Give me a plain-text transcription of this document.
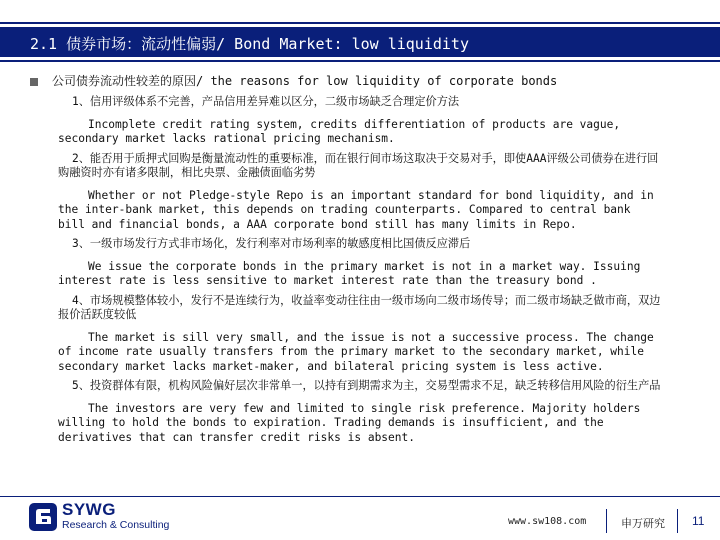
2.1 债券市场：流动性偏弱/ Bond Market: low liquidity
公司债券流动性较差的原因/ the reasons for low liquidity of corporate bonds

1、信用评级体系不完善，产品信用差异难以区分，二级市场缺乏合理定价方法

Incomplete credit rating system, credits differentiation of products are vague, secondary market lacks rational pricing mechanism.

2、能否用于质押式回购是衡量流动性的重要标准，而在银行间市场这取决于交易对手，即使AAA评级公司债券在进行回购融资时亦有诸多限制，相比央票、金融债面临劣势

Whether or not Pledge-style Repo is an important standard for bond liquidity, and in the inter-bank market, this depends on trading counterparts. Compared to central bank bill and financial bonds, a AAA corporate bond still has many limits in Repo.

3、一级市场发行方式非市场化，发行利率对市场利率的敏感度相比国债反应滞后

We issue the corporate bonds in the primary market is not in a market way. Issuing interest rate is less sensitive to market interest rate than the treasury bond .

4、市场规模整体较小，发行不是连续行为，收益率变动往往由一级市场向二级市场传导；而二级市场缺乏做市商，双边报价活跃度较低

The market is sill very small, and the issue is not a successive process. The change of income rate usually transfers from the primary market to the secondary market, while secondary market lacks market-maker, and bilateral pricing system is less active.

5、投资群体有限，机构风险偏好层次非常单一，以持有到期需求为主，交易型需求不足，缺乏转移信用风险的衍生产品

The investors are very few and limited to single risk preference. Majority holders willing to hold the bonds to expiration. Trading demands is insufficient, and the derivatives that can transfer credit risks is absent.

SYWG
Research & Consulting	www.sw108.com	申万研究 11
